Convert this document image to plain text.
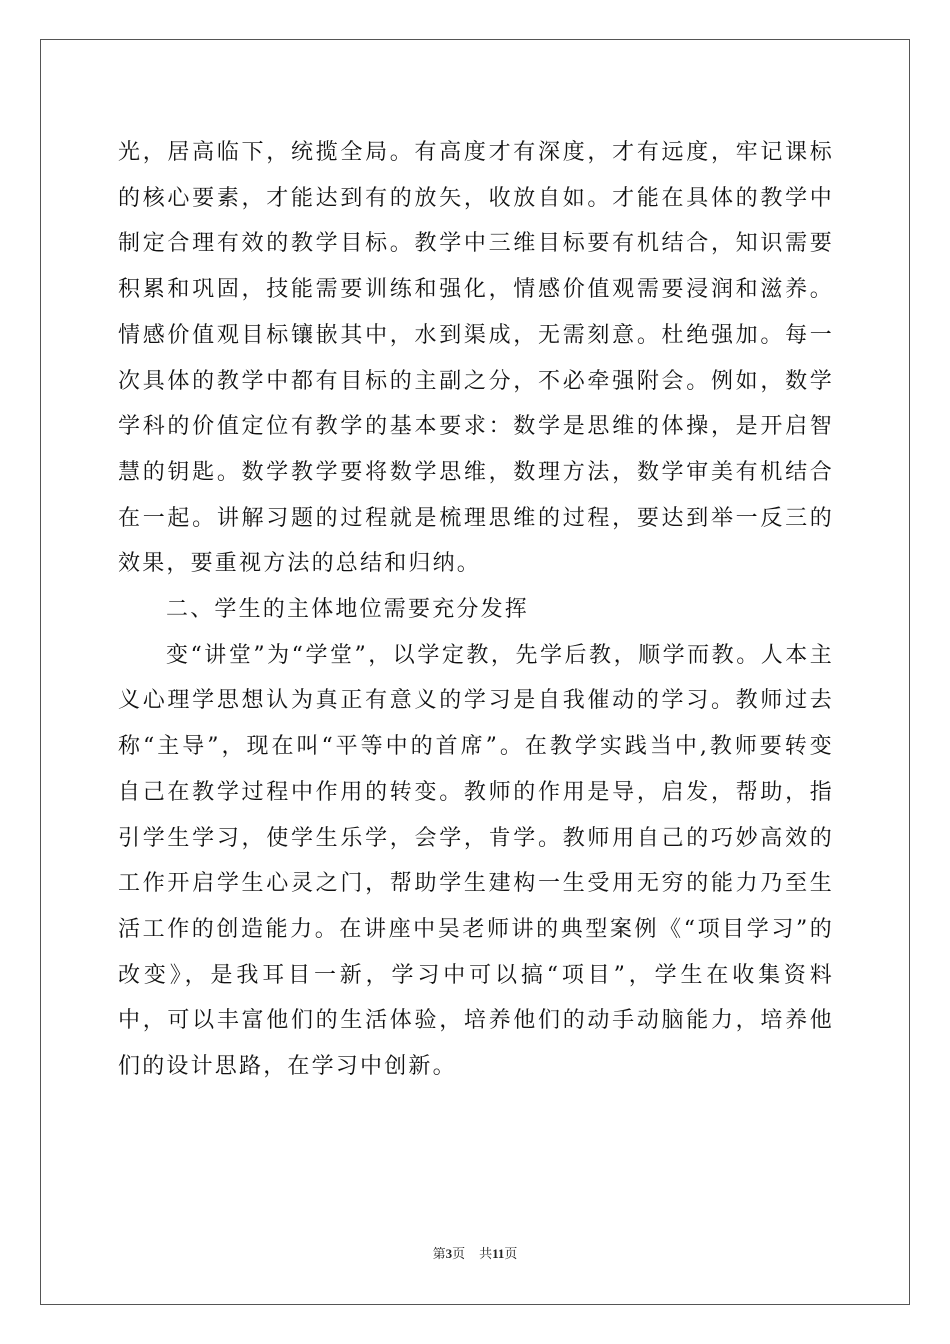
光，居高临下，统揽全局。有高度才有深度，才有远度，牢记课标的核心要素，才能达到有的放矢，收放自如。才能在具体的教学中制定合理有效的教学目标。教学中三维目标要有机结合，知识需要积累和巩固，技能需要训练和强化，情感价值观需要浸润和滋养。情感价值观目标镶嵌其中，水到渠成，无需刻意。杜绝强加。每一次具体的教学中都有目标的主副之分，不必牵强附会。例如，数学学科的价值定位有教学的基本要求：数学是思维的体操，是开启智慧的钥匙。数学教学要将数学思维，数理方法，数学审美有机结合在一起。讲解习题的过程就是梳理思维的过程，要达到举一反三的效果，要重视方法的总结和归纳。

二、学生的主体地位需要充分发挥

变“讲堂”为“学堂”，以学定教，先学后教，顺学而教。人本主义心理学思想认为真正有意义的学习是自我催动的学习。教师过去称“主导”，现在叫“平等中的首席”。在教学实践当中,教师要转变自己在教学过程中作用的转变。教师的作用是导，启发，帮助，指引学生学习，使学生乐学，会学，肯学。教师用自己的巧妙高效的工作开启学生心灵之门，帮助学生建构一生受用无穷的能力乃至生活工作的创造能力。在讲座中吴老师讲的典型案例《“项目学习”的改变》，是我耳目一新，学习中可以搞“项目”，学生在收集资料中，可以丰富他们的生活体验，培养他们的动手动脑能力，培养他们的设计思路，在学习中创新。

第3页 共11页
